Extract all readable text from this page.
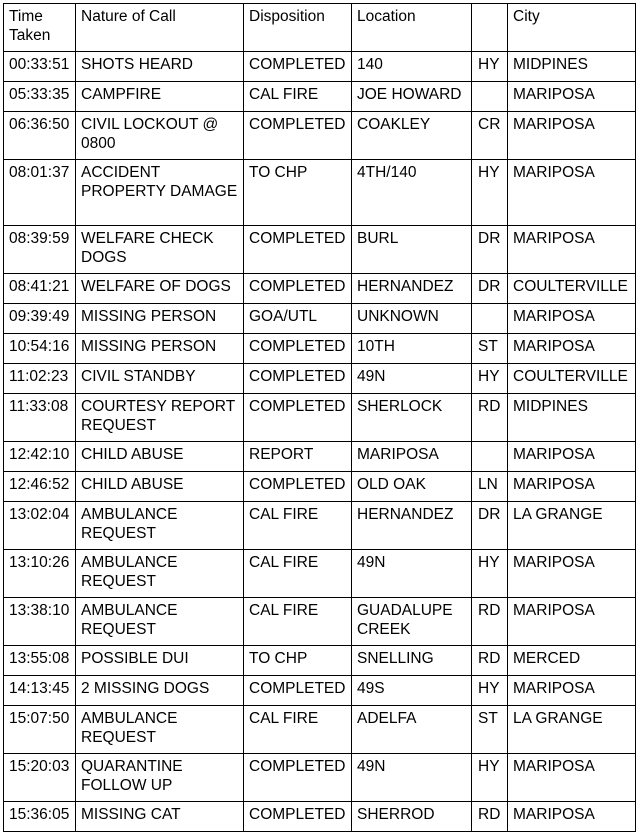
Time Taken	Nature of Call	Disposition	Location		City
00:33:51	SHOTS HEARD	COMPLETED	140	HY	MIDPINES
05:33:35	CAMPFIRE	CAL FIRE	JOE HOWARD		MARIPOSA
06:36:50	CIVIL LOCKOUT @ 0800	COMPLETED	COAKLEY	CR	MARIPOSA
08:01:37	ACCIDENT PROPERTY DAMAGE	TO CHP	4TH/140	HY	MARIPOSA
08:39:59	WELFARE CHECK DOGS	COMPLETED	BURL	DR	MARIPOSA
08:41:21	WELFARE OF DOGS	COMPLETED	HERNANDEZ	DR	COULTERVILLE
09:39:49	MISSING PERSON	GOA/UTL	UNKNOWN		MARIPOSA
10:54:16	MISSING PERSON	COMPLETED	10TH	ST	MARIPOSA
11:02:23	CIVIL STANDBY	COMPLETED	49N	HY	COULTERVILLE
11:33:08	COURTESY REPORT REQUEST	COMPLETED	SHERLOCK	RD	MIDPINES
12:42:10	CHILD ABUSE	REPORT	MARIPOSA		MARIPOSA
12:46:52	CHILD ABUSE	COMPLETED	OLD OAK	LN	MARIPOSA
13:02:04	AMBULANCE REQUEST	CAL FIRE	HERNANDEZ	DR	LA GRANGE
13:10:26	AMBULANCE REQUEST	CAL FIRE	49N	HY	MARIPOSA
13:38:10	AMBULANCE REQUEST	CAL FIRE	GUADALUPE CREEK	RD	MARIPOSA
13:55:08	POSSIBLE DUI	TO CHP	SNELLING	RD	MERCED
14:13:45	2 MISSING DOGS	COMPLETED	49S	HY	MARIPOSA
15:07:50	AMBULANCE REQUEST	CAL FIRE	ADELFA	ST	LA GRANGE
15:20:03	QUARANTINE FOLLOW UP	COMPLETED	49N	HY	MARIPOSA
15:36:05	MISSING CAT	COMPLETED	SHERROD	RD	MARIPOSA
